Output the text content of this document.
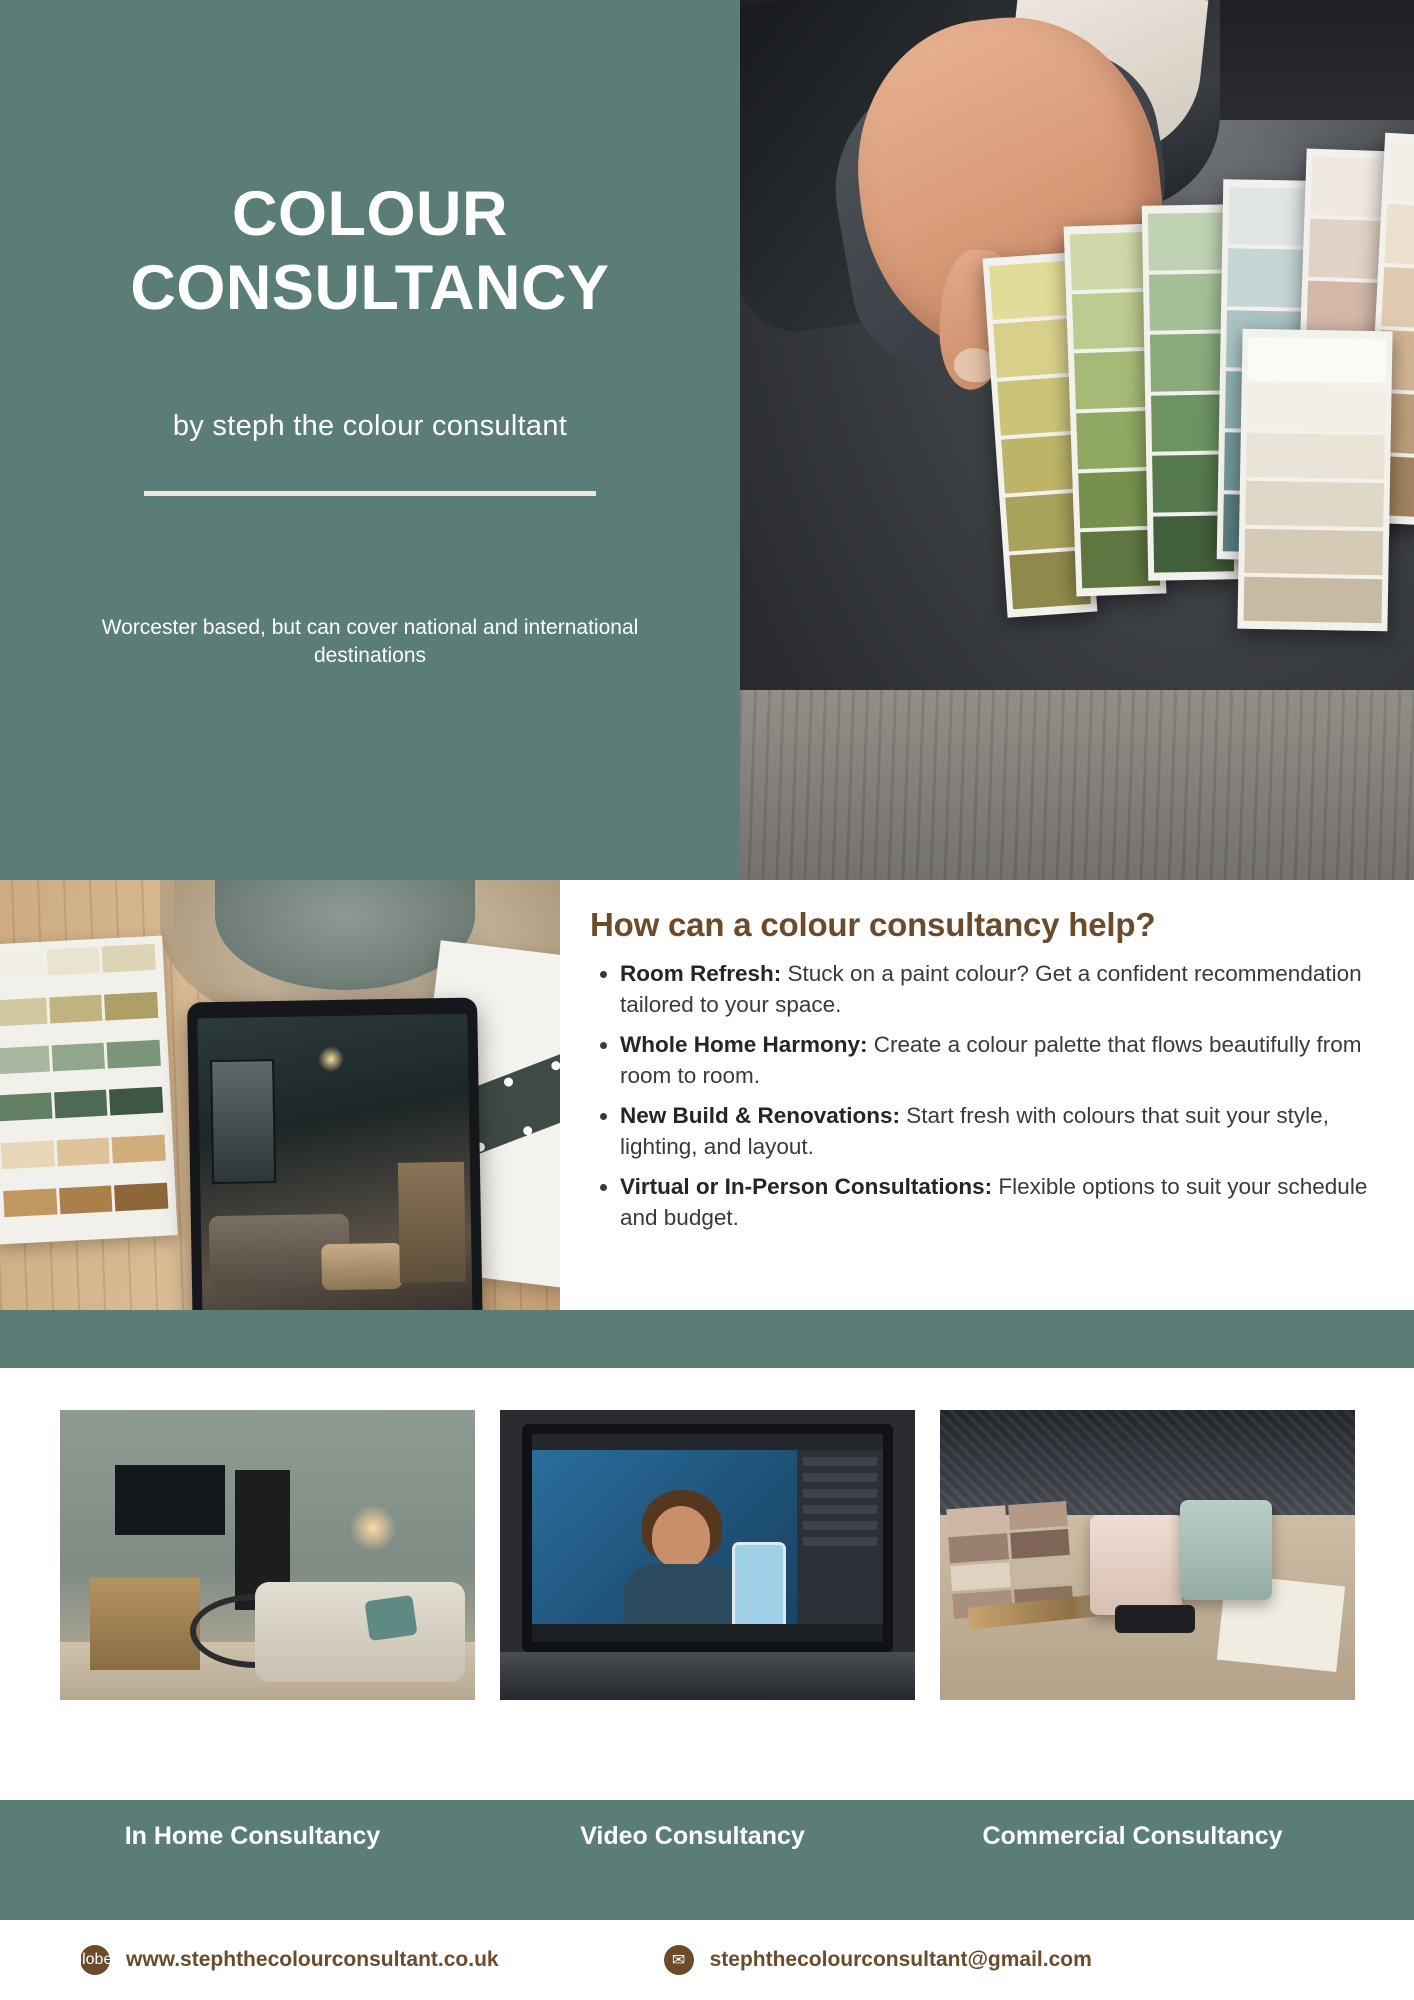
COLOUR CONSULTANCY
by steph the colour consultant
Worcester based, but can cover national and international destinations
How can a colour consultancy help?
• Room Refresh: Stuck on a paint colour? Get a confident recommendation tailored to your space.
• Whole Home Harmony: Create a colour palette that flows beautifully from room to room.
• New Build & Renovations: Start fresh with colours that suit your style, lighting, and layout.
• Virtual or In-Person Consultations: Flexible options to suit your schedule and budget.
In Home Consultancy	Video Consultancy	Commercial Consultancy
globe; www.stephthecolourconsultant.co.uk	✉	stephthecolourconsultant@gmail.com
